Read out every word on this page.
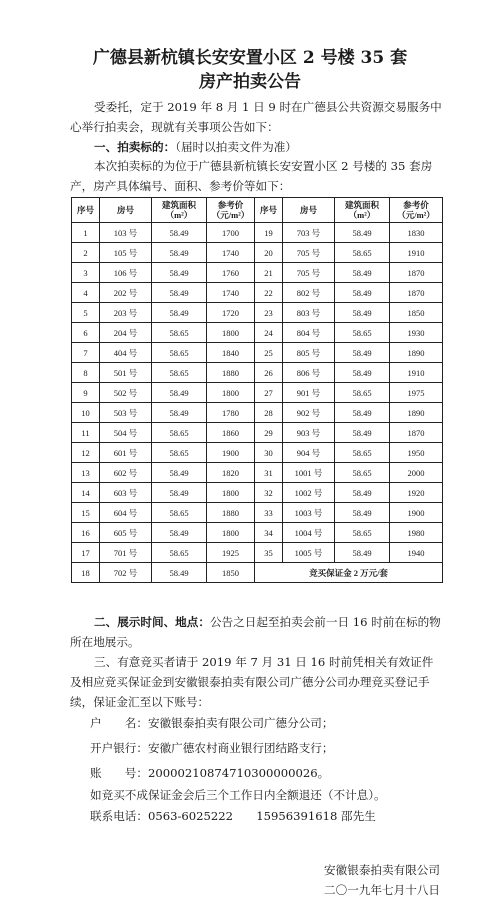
广德县新杭镇长安安置小区 2 号楼 35 套
房产拍卖公告
受委托，定于 2019 年 8 月 1 日 9 时在广德县公共资源交易服务中心举行拍卖会，现就有关事项公告如下：
一、拍卖标的：（届时以拍卖文件为准）
本次拍卖标的为位于广德县新杭镇长安安置小区 2 号楼的 35 套房产，房产具体编号、面积、参考价等如下：
序号	房号	建筑面积（m²）	参考价（元/m²）	序号	房号	建筑面积（m²）	参考价（元/m²）
1	103 号	58.49	1700	19	703 号	58.49	1830
2	105 号	58.49	1740	20	705 号	58.65	1910
3	106 号	58.49	1760	21	705 号	58.49	1870
4	202 号	58.49	1740	22	802 号	58.49	1870
5	203 号	58.49	1720	23	803 号	58.49	1850
6	204 号	58.65	1800	24	804 号	58.65	1930
7	404 号	58.65	1840	25	805 号	58.49	1890
8	501 号	58.65	1880	26	806 号	58.49	1910
9	502 号	58.49	1800	27	901 号	58.65	1975
10	503 号	58.49	1780	28	902 号	58.49	1890
11	504 号	58.65	1860	29	903 号	58.49	1870
12	601 号	58.65	1900	30	904 号	58.65	1950
13	602 号	58.49	1820	31	1001 号	58.65	2000
14	603 号	58.49	1800	32	1002 号	58.49	1920
15	604 号	58.65	1880	33	1003 号	58.49	1900
16	605 号	58.49	1800	34	1004 号	58.65	1980
17	701 号	58.65	1925	35	1005 号	58.49	1940
18	702 号	58.49	1850	竞买保证金 2 万元/套			
二、展示时间、地点：公告之日起至拍卖会前一日 16 时前在标的物所在地展示。
三、有意竞买者请于 2019 年 7 月 31 日 16 时前凭相关有效证件及相应竞买保证金到安徽银泰拍卖有限公司广德分公司办理竞买登记手续，保证金汇至以下账号：
户　　名：安徽银泰拍卖有限公司广德分公司；
开户银行：安徽广德农村商业银行团结路支行；
账　　号：20000210874710300000026。
如竞买不成保证金会后三个工作日内全额退还（不计息）。
联系电话：0563-6025222　　15956391618 邵先生
安徽银泰拍卖有限公司
二〇一九年七月十八日
